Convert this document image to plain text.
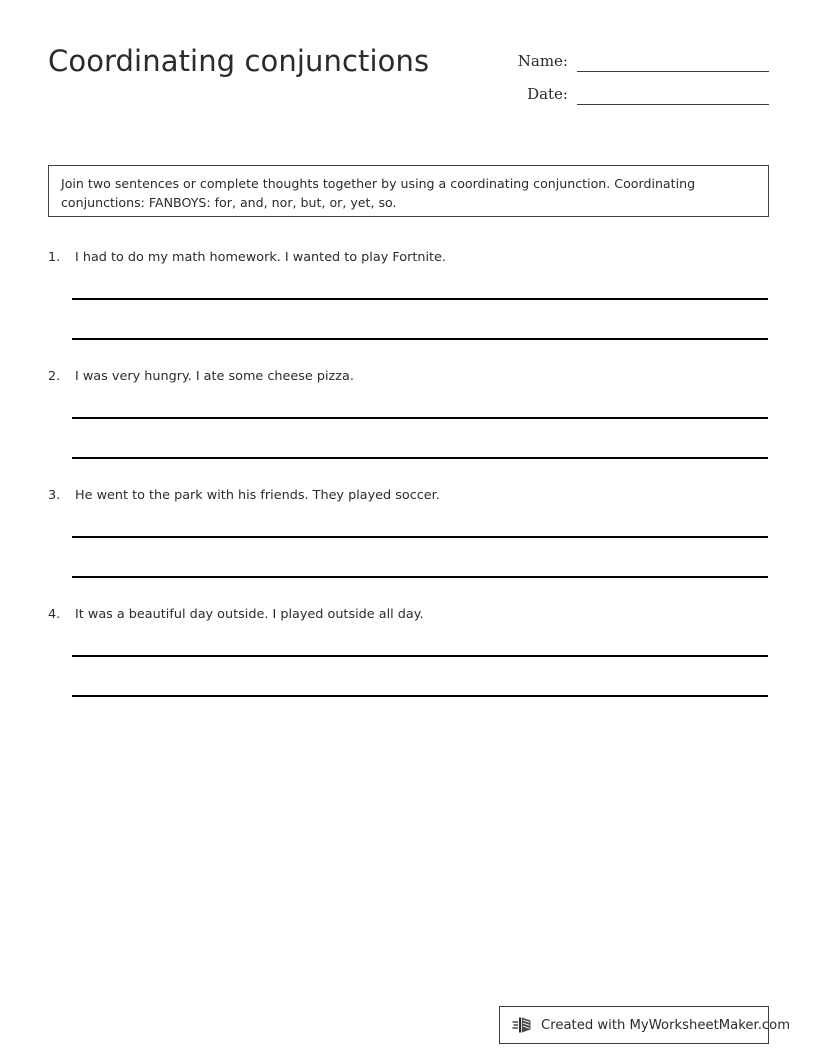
Coordinating conjunctions	Name:
Date:
Join two sentences or complete thoughts together by using a coordinating conjunction. Coordinating conjunctions: FANBOYS: for, and, nor, but, or, yet, so.
1.	I had to do my math homework. I wanted to play Fortnite.
2.	I was very hungry. I ate some cheese pizza.
3.	He went to the park with his friends. They played soccer.
4.	It was a beautiful day outside. I played outside all day.
Created with MyWorksheetMaker.com
